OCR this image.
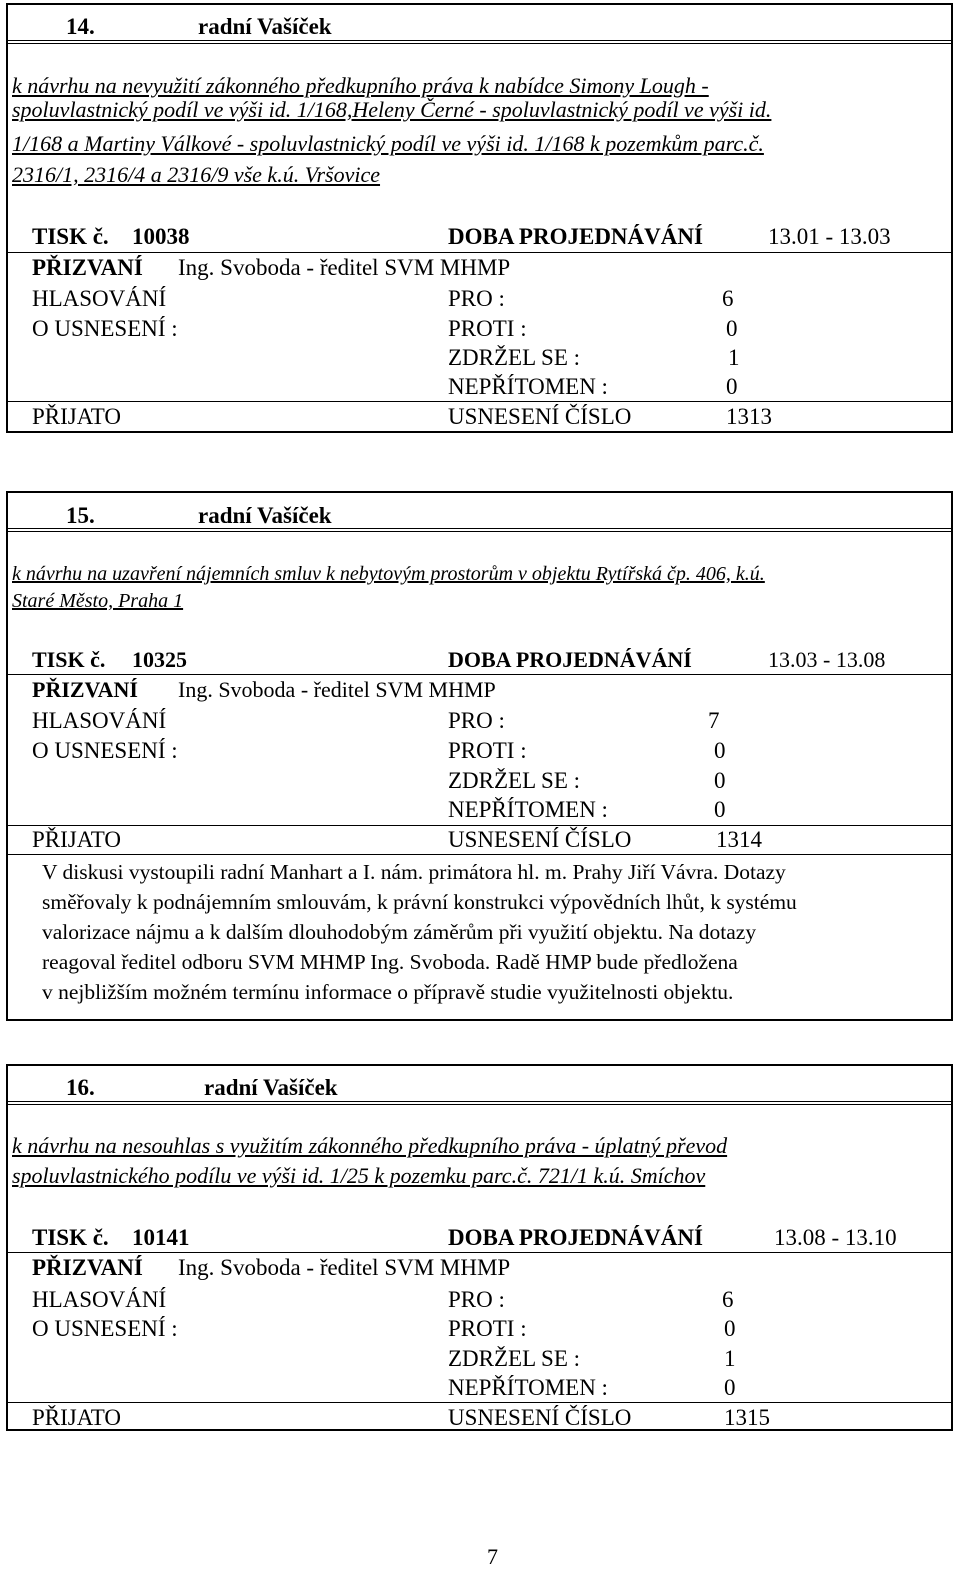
14.	radní Vašíček
k návrhu na nevyužití zákonného předkupního práva k nabídce Simony Lough -
spoluvlastnický podíl ve výši id. 1/168,Heleny Černé - spoluvlastnický podíl ve výši id.
1/168 a Martiny Válkové - spoluvlastnický podíl ve výši id. 1/168 k pozemkům parc.č.
2316/1, 2316/4 a 2316/9 vše k.ú. Vršovice
TISK č. 10038	DOBA PROJEDNÁVÁNÍ	13.01 - 13.03
PŘIZVANÍ Ing. Svoboda - ředitel SVM MHMP
HLASOVÁNÍ	PRO :	6
O USNESENÍ :	PROTI :	0
ZDRŽEL SE :	1
NEPŘÍTOMEN :	0
PŘIJATO	USNESENÍ ČÍSLO	1313
15.	radní Vašíček
k návrhu na uzavření nájemních smluv k nebytovým prostorům v objektu Rytířská čp. 406, k.ú.
Staré Město, Praha 1
TISK č. 10325	DOBA PROJEDNÁVÁNÍ	13.03 - 13.08
PŘIZVANÍ Ing. Svoboda - ředitel SVM MHMP
HLASOVÁNÍ	PRO :	7
O USNESENÍ :	PROTI :	0
ZDRŽEL SE :	0
NEPŘÍTOMEN :	0
PŘIJATO	USNESENÍ ČÍSLO	1314
V diskusi vystoupili radní Manhart a I. nám. primátora hl. m. Prahy Jiří Vávra. Dotazy
směřovaly k podnájemním smlouvám, k právní konstrukci výpovědních lhůt, k systému
valorizace nájmu a k dalším dlouhodobým záměrům při využití objektu. Na dotazy
reagoval ředitel odboru SVM MHMP Ing. Svoboda. Radě HMP bude předložena
v nejbližším možném termínu informace o přípravě studie využitelnosti objektu.
16.	radní Vašíček
k návrhu na nesouhlas s využitím zákonného předkupního práva - úplatný převod
spoluvlastnického podílu ve výši id. 1/25 k pozemku parc.č. 721/1 k.ú. Smíchov
TISK č. 10141	DOBA PROJEDNÁVÁNÍ	13.08 - 13.10
PŘIZVANÍ Ing. Svoboda - ředitel SVM MHMP
HLASOVÁNÍ	PRO :	6
O USNESENÍ :	PROTI :	0
ZDRŽEL SE :	1
NEPŘÍTOMEN :	0
PŘIJATO	USNESENÍ ČÍSLO	1315
7
